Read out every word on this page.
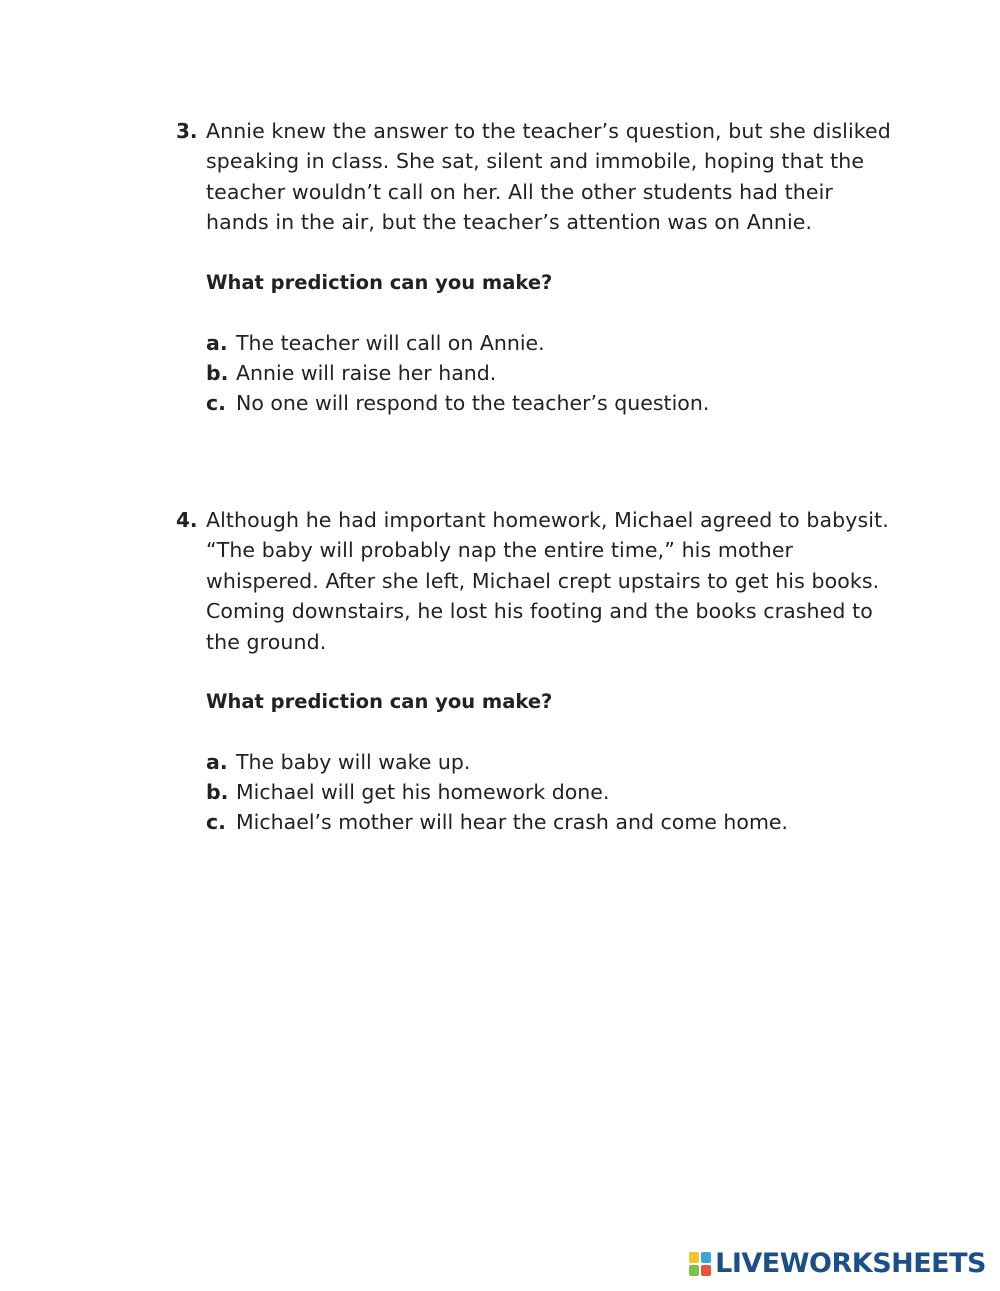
3. Annie knew the answer to the teacher’s question, but she disliked speaking in class. She sat, silent and immobile, hoping that the teacher wouldn’t call on her. All the other students had their hands in the air, but the teacher’s attention was on Annie.

What prediction can you make?

a. The teacher will call on Annie.
b. Annie will raise her hand.
c. No one will respond to the teacher’s question.
4. Although he had important homework, Michael agreed to babysit. “The baby will probably nap the entire time,” his mother whispered. After she left, Michael crept upstairs to get his books. Coming downstairs, he lost his footing and the books crashed to the ground.

What prediction can you make?

a. The baby will wake up.
b. Michael will get his homework done.
c. Michael’s mother will hear the crash and come home.
LIVEWORKSHEETS
